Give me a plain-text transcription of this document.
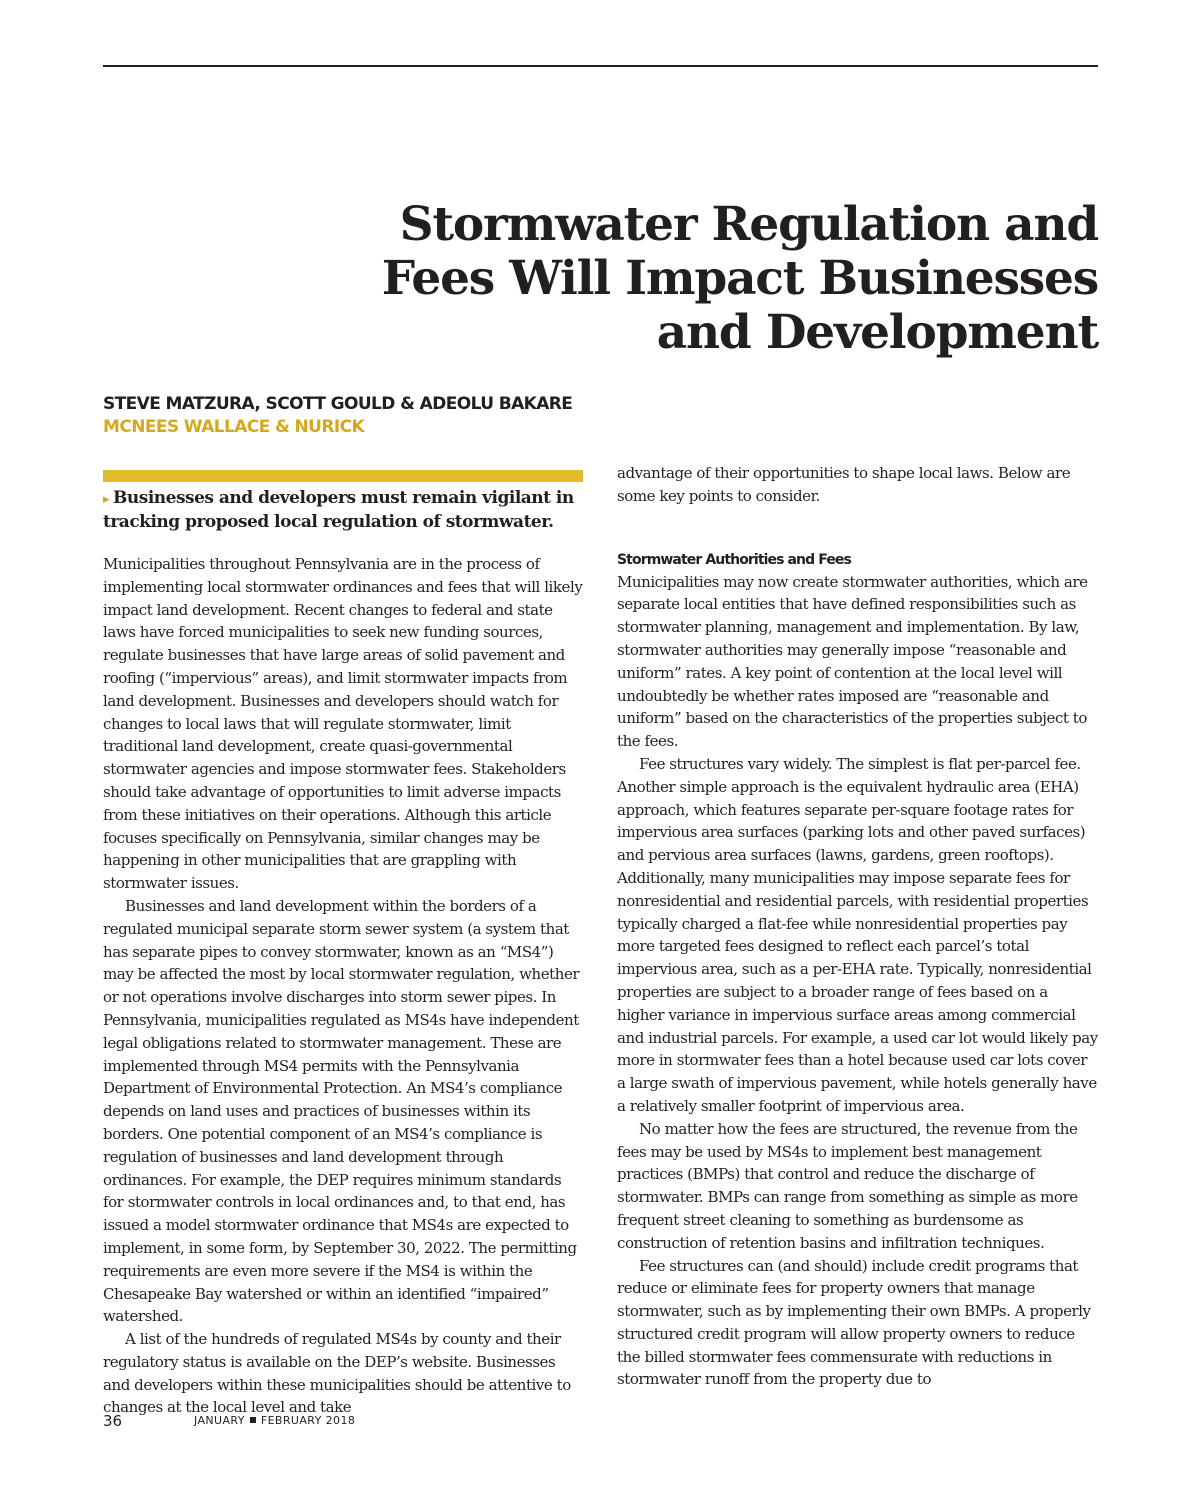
Stormwater Regulation and
Fees Will Impact Businesses
and Development
STEVE MATZURA, SCOTT GOULD & ADEOLU BAKARE
MCNEES WALLACE & NURICK
▸ Businesses and developers must remain vigilant in tracking proposed local regulation of stormwater.

Municipalities throughout Pennsylvania are in the process of implementing local stormwater ordinances and fees that will likely impact land development. Recent changes to federal and state laws have forced municipalities to seek new funding sources, regulate businesses that have large areas of solid pavement and roofing (“impervious” areas), and limit stormwater impacts from land development. Businesses and developers should watch for changes to local laws that will regulate stormwater, limit traditional land development, create quasi-governmental stormwater agencies and impose stormwater fees. Stakeholders should take advantage of opportunities to limit adverse impacts from these initiatives on their operations. Although this article focuses specifically on Pennsylvania, similar changes may be happening in other municipalities that are grappling with stormwater issues.

Businesses and land development within the borders of a regulated municipal separate storm sewer system (a system that has separate pipes to convey stormwater, known as an “MS4”) may be affected the most by local stormwater regulation, whether or not operations involve discharges into storm sewer pipes. In Pennsylvania, municipalities regulated as MS4s have independent legal obligations related to stormwater management. These are implemented through MS4 permits with the Pennsylvania Department of Environmental Protection. An MS4’s compliance depends on land uses and practices of businesses within its borders. One potential component of an MS4’s compliance is regulation of businesses and land development through ordinances. For example, the DEP requires minimum standards for stormwater controls in local ordinances and, to that end, has issued a model stormwater ordinance that MS4s are expected to implement, in some form, by September 30, 2022. The permitting requirements are even more severe if the MS4 is within the Chesapeake Bay watershed or within an identified “impaired” watershed.

A list of the hundreds of regulated MS4s by county and their regulatory status is available on the DEP’s website. Businesses and developers within these municipalities should be attentive to changes at the local level and take

advantage of their opportunities to shape local laws. Below are some key points to consider.

Stormwater Authorities and Fees

Municipalities may now create stormwater authorities, which are separate local entities that have defined responsibilities such as stormwater planning, management and implementation. By law, stormwater authorities may generally impose “reasonable and uniform” rates. A key point of contention at the local level will undoubtedly be whether rates imposed are “reasonable and uniform” based on the characteristics of the properties subject to the fees.

Fee structures vary widely. The simplest is flat per-parcel fee. Another simple approach is the equivalent hydraulic area (EHA) approach, which features separate per-square footage rates for impervious area surfaces (parking lots and other paved surfaces) and pervious area surfaces (lawns, gardens, green rooftops). Additionally, many municipalities may impose separate fees for nonresidential and residential parcels, with residential properties typically charged a flat-fee while nonresidential properties pay more targeted fees designed to reflect each parcel’s total impervious area, such as a per-EHA rate. Typically, nonresidential properties are subject to a broader range of fees based on a higher variance in impervious surface areas among commercial and industrial parcels. For example, a used car lot would likely pay more in stormwater fees than a hotel because used car lots cover a large swath of impervious pavement, while hotels generally have a relatively smaller footprint of impervious area.

No matter how the fees are structured, the revenue from the fees may be used by MS4s to implement best management practices (BMPs) that control and reduce the discharge of stormwater. BMPs can range from something as simple as more frequent street cleaning to something as burdensome as construction of retention basins and infiltration techniques.

Fee structures can (and should) include credit programs that reduce or eliminate fees for property owners that manage stormwater, such as by implementing their own BMPs. A properly structured credit program will allow property owners to reduce the billed stormwater fees commensurate with reductions in stormwater runoff from the property due to

36	JANUARY FEBRUARY 2018
